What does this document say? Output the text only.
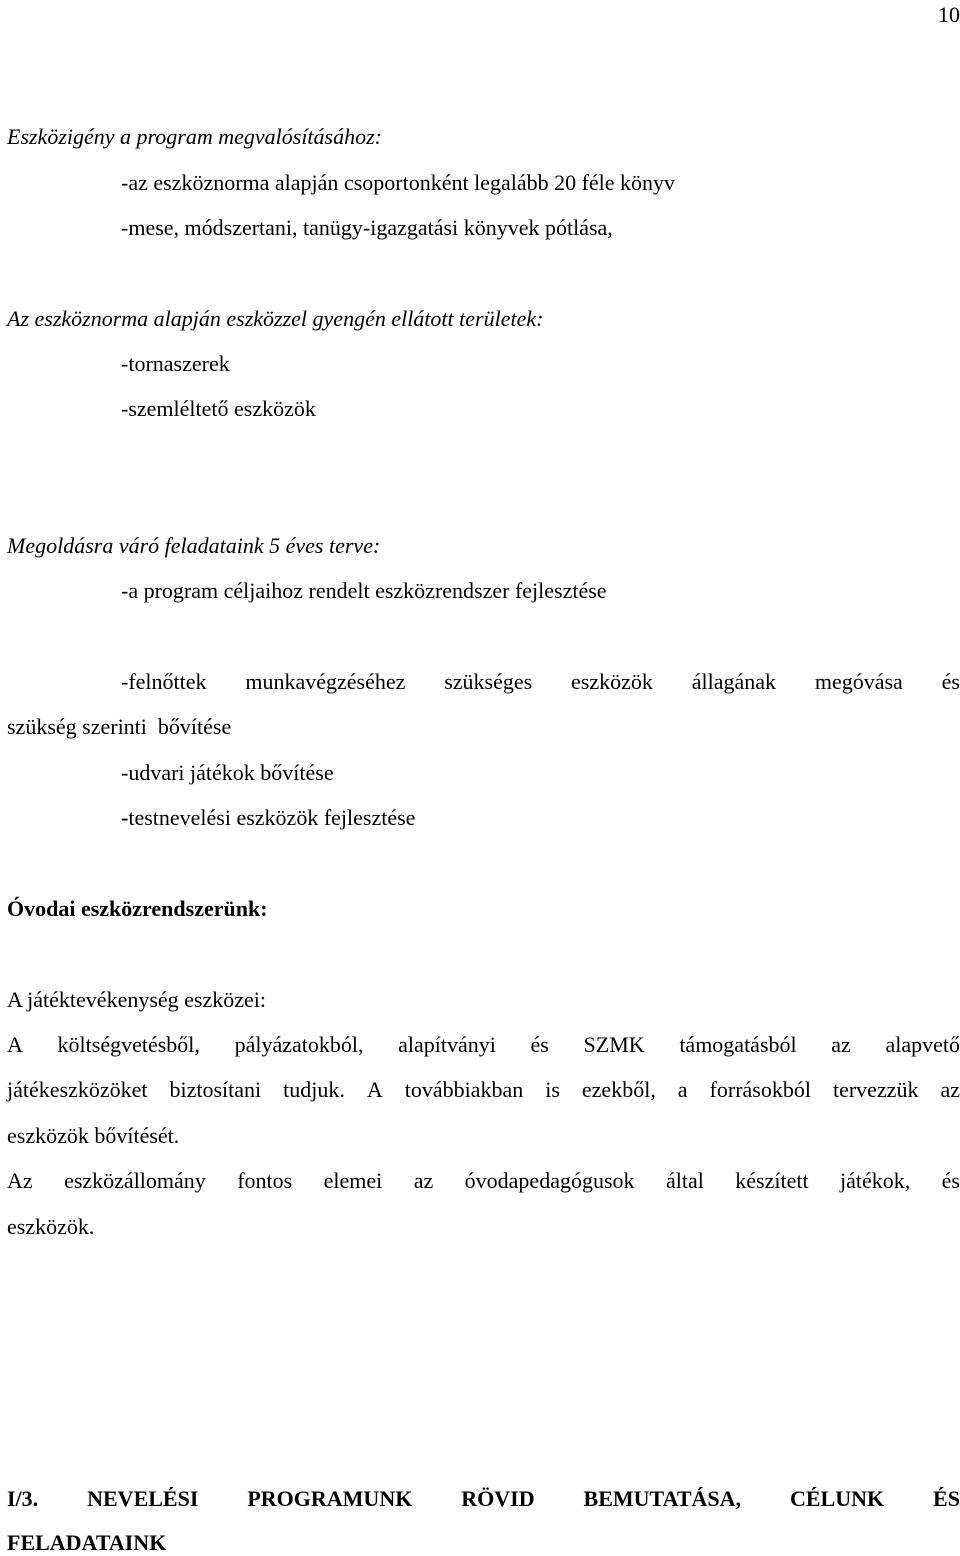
10

Eszközigény a program megvalósításához:

-az eszköznorma alapján csoportonként legalább 20 féle könyv

-mese, módszertani, tanügy-igazgatási könyvek pótlása,

Az eszköznorma alapján eszközzel gyengén ellátott területek:

-tornaszerek

-szemléltető eszközök

Megoldásra váró feladataink 5 éves terve:

-a program céljaihoz rendelt eszközrendszer fejlesztése

-felnőttek munkavégzéséhez szükséges eszközök állagának megóvása és

szükség szerinti  bővítése

-udvari játékok bővítése

-testnevelési eszközök fejlesztése

Óvodai eszközrendszerünk:

A játéktevékenység eszközei:

A költségvetésből, pályázatokból, alapítványi és SZMK támogatásból az alapvető
játékeszközöket biztosítani tudjuk. A továbbiakban is ezekből, a forrásokból tervezzük az

eszközök bővítését.

Az eszközállomány fontos elemei az óvodapedagógusok által készített játékok, és

eszközök.

I/3. NEVELÉSI PROGRAMUNK RÖVID BEMUTATÁSA, CÉLUNK ÉS

FELADATAINK
